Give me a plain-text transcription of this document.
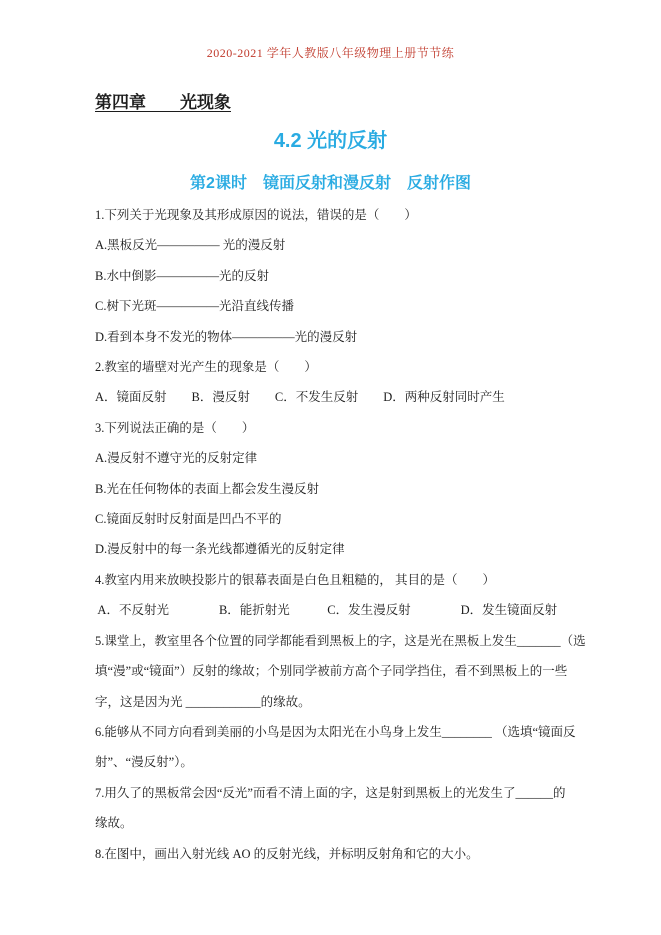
2020-2021 学年人教版八年级物理上册节节练
第四章　　光现象
4.2 光的反射
第2课时　镜面反射和漫反射　反射作图
1.下列关于光现象及其形成原因的说法，错误的是（　　）
A.黑板反光————— 光的漫反射
B.水中倒影—————光的反射
C.树下光斑—————光沿直线传播
D.看到本身不发光的物体—————光的漫反射
2.教室的墙壁对光产生的现象是（　　）
A．镜面反射　　B．漫反射　　C．不发生反射　　D．两种反射同时产生
3.下列说法正确的是（　　）
A.漫反射不遵守光的反射定律
B.光在任何物体的表面上都会发生漫反射
C.镜面反射时反射面是凹凸不平的
D.漫反射中的每一条光线都遵循光的反射定律
4.教室内用来放映投影片的银幕表面是白色且粗糙的， 其目的是（　　）
A．不反射光　　　　B．能折射光　　　C．发生漫反射　　　　D．发生镜面反射
5.课堂上，教室里各个位置的同学都能看到黑板上的字，这是光在黑板上发生_______（选
填“漫”或“镜面”）反射的缘故；个别同学被前方高个子同学挡住，看不到黑板上的一些
字，这是因为光 ____________的缘故。
6.能够从不同方向看到美丽的小鸟是因为太阳光在小鸟身上发生________ （选填“镜面反
射”、“漫反射”）。
7.用久了的黑板常会因“反光”而看不清上面的字，这是射到黑板上的光发生了______的
缘故。
8.在图中，画出入射光线 AO 的反射光线，并标明反射角和它的大小。
